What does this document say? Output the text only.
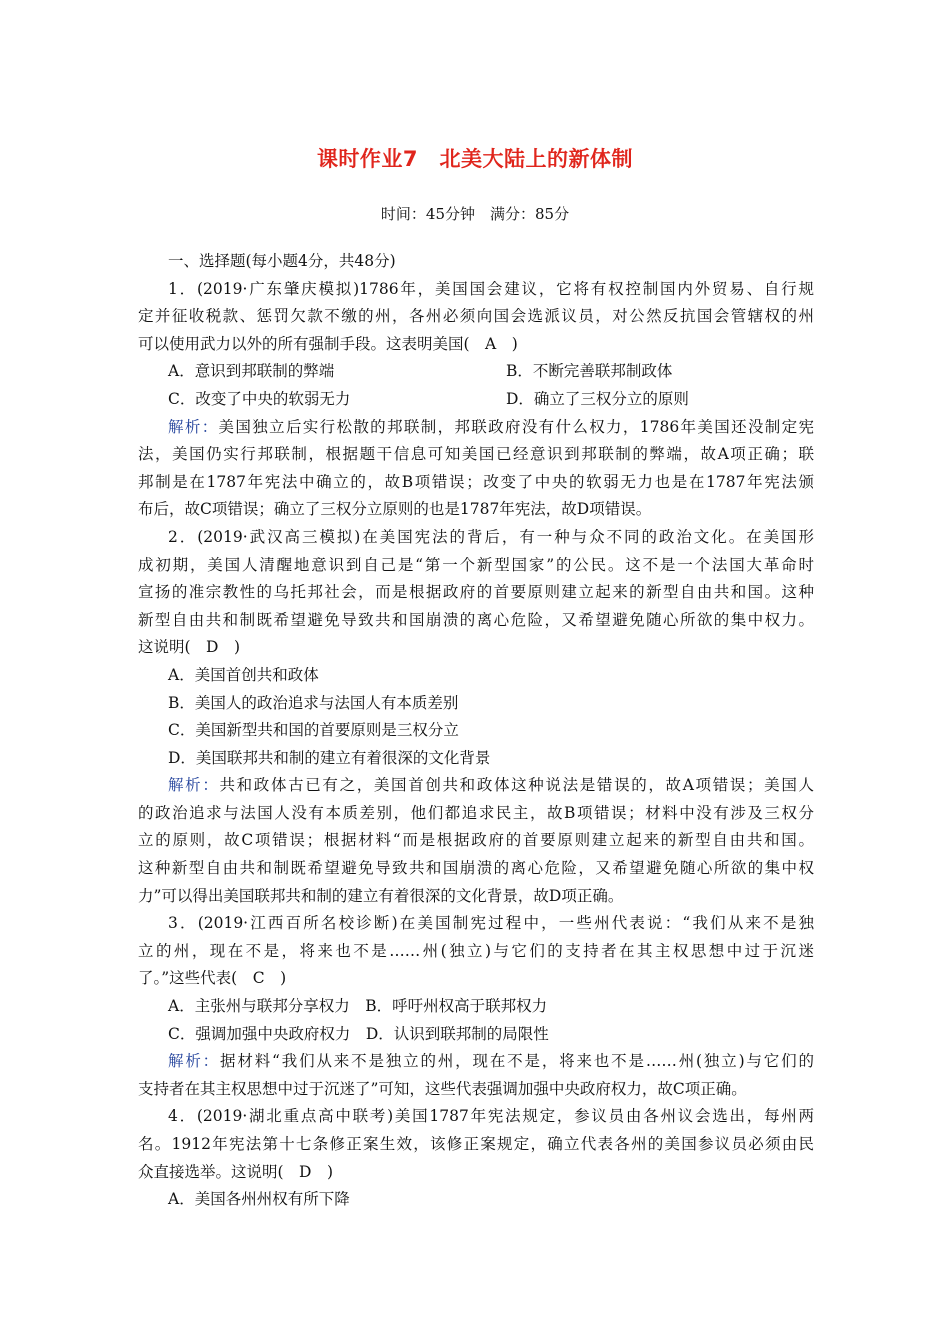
课时作业7　北美大陆上的新体制
时间：45分钟　满分：85分
一、选择题(每小题4分，共48分)
1．(2019·广东肇庆模拟)1786年，美国国会建议，它将有权控制国内外贸易、自行规
定并征收税款、惩罚欠款不缴的州，各州必须向国会选派议员，对公然反抗国会管辖权的州
可以使用武力以外的所有强制手段。这表明美国(　A　)
A．意识到邦联制的弊端	B．不断完善联邦制政体
C．改变了中央的软弱无力	D．确立了三权分立的原则
解析：美国独立后实行松散的邦联制，邦联政府没有什么权力，1786年美国还没制定宪
法，美国仍实行邦联制，根据题干信息可知美国已经意识到邦联制的弊端，故A项正确；联
邦制是在1787年宪法中确立的，故B项错误；改变了中央的软弱无力也是在1787年宪法颁
布后，故C项错误；确立了三权分立原则的也是1787年宪法，故D项错误。
2．(2019·武汉高三模拟)在美国宪法的背后，有一种与众不同的政治文化。在美国形
成初期，美国人清醒地意识到自己是“第一个新型国家”的公民。这不是一个法国大革命时
宣扬的准宗教性的乌托邦社会，而是根据政府的首要原则建立起来的新型自由共和国。这种
新型自由共和制既希望避免导致共和国崩溃的离心危险，又希望避免随心所欲的集中权力。
这说明(　D　)
A．美国首创共和政体
B．美国人的政治追求与法国人有本质差别
C．美国新型共和国的首要原则是三权分立
D．美国联邦共和制的建立有着很深的文化背景
解析：共和政体古已有之，美国首创共和政体这种说法是错误的，故A项错误；美国人
的政治追求与法国人没有本质差别，他们都追求民主，故B项错误；材料中没有涉及三权分
立的原则，故C项错误；根据材料“而是根据政府的首要原则建立起来的新型自由共和国。
这种新型自由共和制既希望避免导致共和国崩溃的离心危险，又希望避免随心所欲的集中权
力”可以得出美国联邦共和制的建立有着很深的文化背景，故D项正确。
3．(2019·江西百所名校诊断)在美国制宪过程中，一些州代表说：“我们从来不是独
立的州，现在不是，将来也不是……州(独立)与它们的支持者在其主权思想中过于沉迷
了。”这些代表(　C　)
A．主张州与联邦分享权力　B．呼吁州权高于联邦权力
C．强调加强中央政府权力　D．认识到联邦制的局限性
解析：据材料“我们从来不是独立的州，现在不是，将来也不是……州(独立)与它们的
支持者在其主权思想中过于沉迷了”可知，这些代表强调加强中央政府权力，故C项正确。
4．(2019·湖北重点高中联考)美国1787年宪法规定，参议员由各州议会选出，每州两
名。1912年宪法第十七条修正案生效，该修正案规定，确立代表各州的美国参议员必须由民
众直接选举。这说明(　D　)
A．美国各州州权有所下降
